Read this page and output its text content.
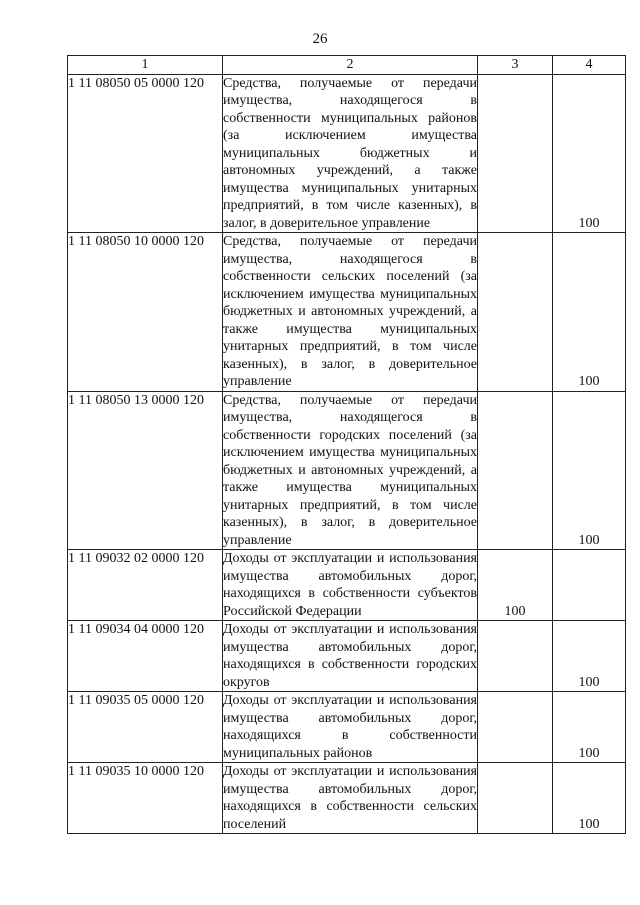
26
1	2	3	4
1 11 08050 05 0000 120	Средства, получаемые от передачи имущества, находящегося в собственности муниципальных районов (за исключением имущества муниципальных бюджетных и автономных учреждений, а также имущества муниципальных унитарных предприятий, в том числе казенных), в залог, в доверительное управление		100
1 11 08050 10 0000 120	Средства, получаемые от передачи имущества, находящегося в собственности сельских поселений (за исключением имущества муниципальных бюджетных и автономных учреждений, а также имущества муниципальных унитарных предприятий, в том числе казенных), в залог, в доверительное управление		100
1 11 08050 13 0000 120	Средства, получаемые от передачи имущества, находящегося в собственности городских поселений (за исключением имущества муниципальных бюджетных и автономных учреждений, а также имущества муниципальных унитарных предприятий, в том числе казенных), в залог, в доверительное управление		100
1 11 09032 02 0000 120	Доходы от эксплуатации и использования имущества автомобильных дорог, находящихся в собственности субъектов Российской Федерации	100	
1 11 09034 04 0000 120	Доходы от эксплуатации и использования имущества автомобильных дорог, находящихся в собственности городских округов		100
1 11 09035 05 0000 120	Доходы от эксплуатации и использования имущества автомобильных дорог, находящихся в собственности муниципальных районов		100
1 11 09035 10 0000 120	Доходы от эксплуатации и использования имущества автомобильных дорог, находящихся в собственности сельских поселений		100
